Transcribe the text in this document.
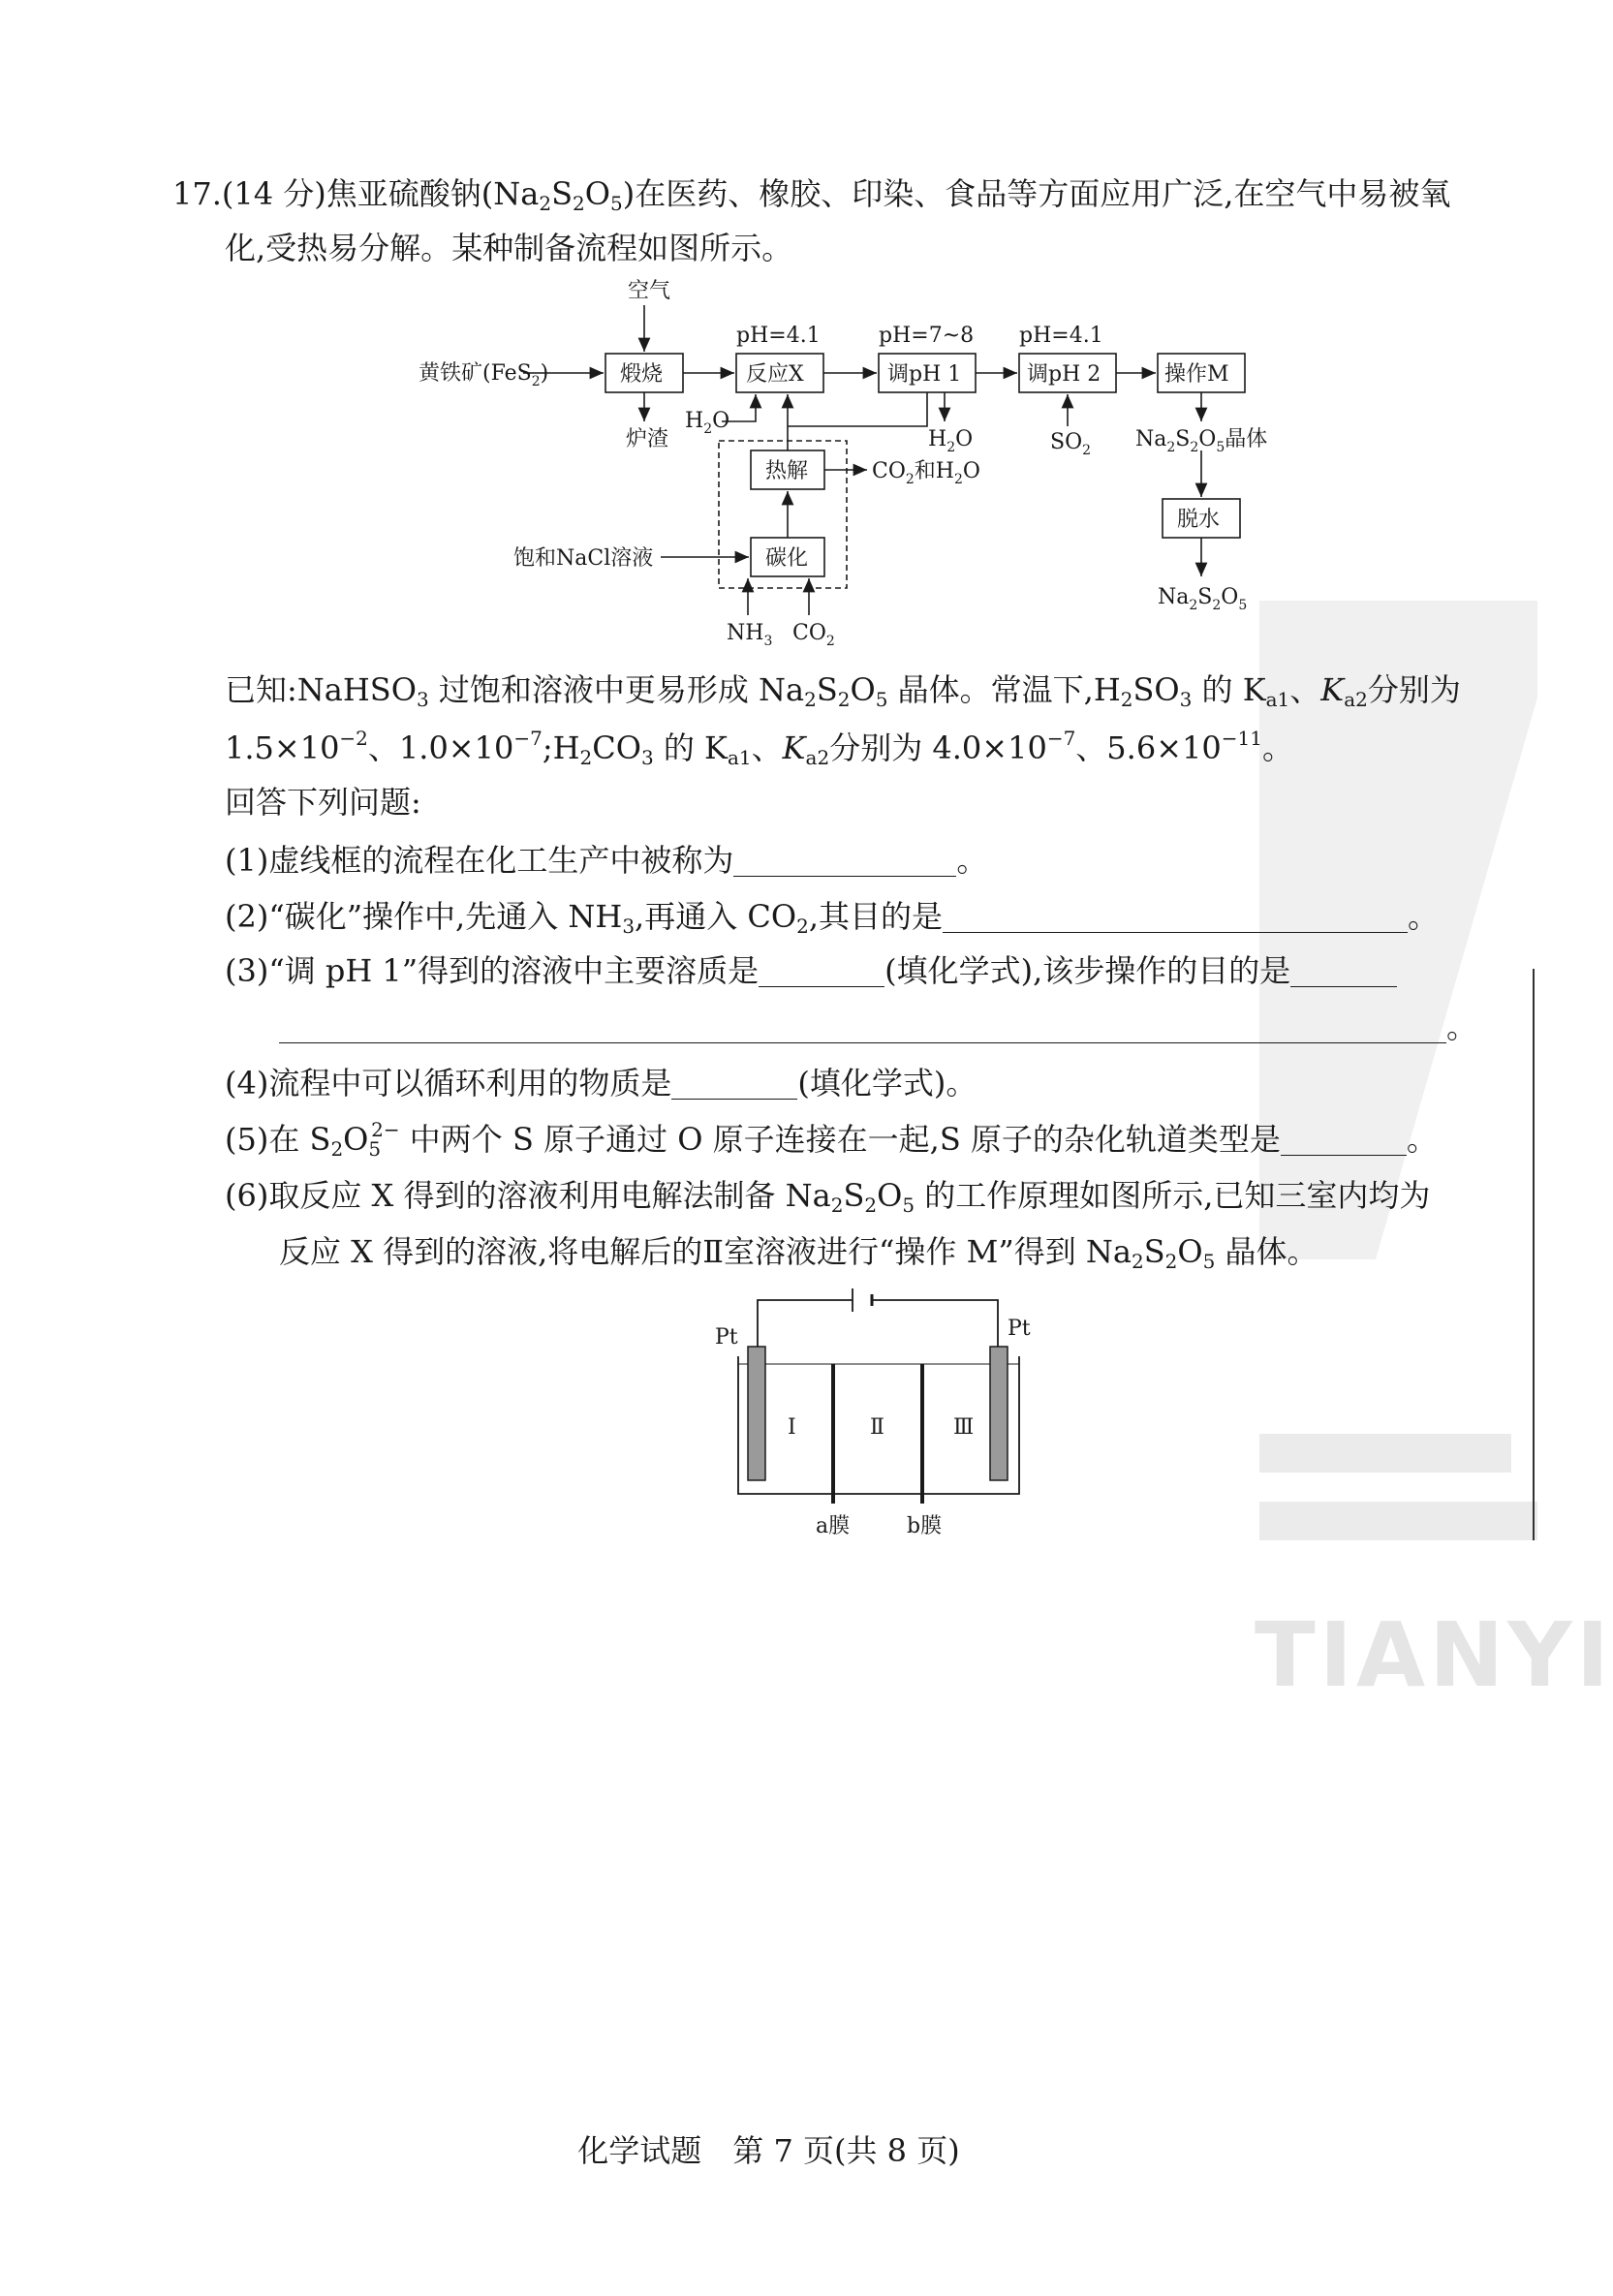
TIANYI
17.(14 分)焦亚硫酸钠$(Na_2S_2O_5)$在医药、橡胶、印染、食品等方面应用广泛,在空气中易被氧
化,受热易分解。某种制备流程如图所示。
空气
黄铁矿(FeS$_2$)	煅烧
炉渣
反应X	调pH 1	调pH 2	操作M
pH=4.1	pH=7~8 pH=4.1
$H_2O$
$H_2O$	$SO_2$ $Na_2S_2O_5$晶体
脱水
$Na_2S_2O_5$
热解	$CO_2$和$H_2O$
碳化
饱和NaCl溶液
$NH_3$ $CO_2$
已知:NaHSO$_3$ 过饱和溶液中更易形成 $Na_2S_2O_5$ 晶体。常温下$,H_2SO_3$ 的 $K_{a1}$、$K_{a2}$分别为
$1.5\times 10^{-2}$、$1.0\times 10^{-7};H_2CO_3$ 的 $K_{a1}$、$K_{a2}$分别为 $4.0\times 10^{-7}$、$5.6\times 10^{-11}$。
回答下列问题:
(1)虚线框的流程在化工生产中被称为	。
(2)“碳化”操作中,先通入 $NH_3$,再通入 $CO_2$,其目的是	。
(3)“调 pH 1”得到的溶液中主要溶质是	(填化学式),该步操作的目的是
。
(4)流程中可以循环利用的物质是	(填化学式)。
(5)在 $S_2O_5^{2-}$ 中两个 S 原子通过 O 原子连接在一起,S 原子的杂化轨道类型是	。
(6)取反应 X 得到的溶液利用电解法制备 $Na_2S_2O_5$ 的工作原理如图所示,已知三室内均为
反应 X 得到的溶液,将电解后的Ⅱ室溶液进行“操作 M”得到 $Na_2S_2O_5$ 晶体。
Pt	Pt
Ⅰ	Ⅱ	Ⅲ
a膜	b膜
化学试题　第 7 页(共 8 页)
